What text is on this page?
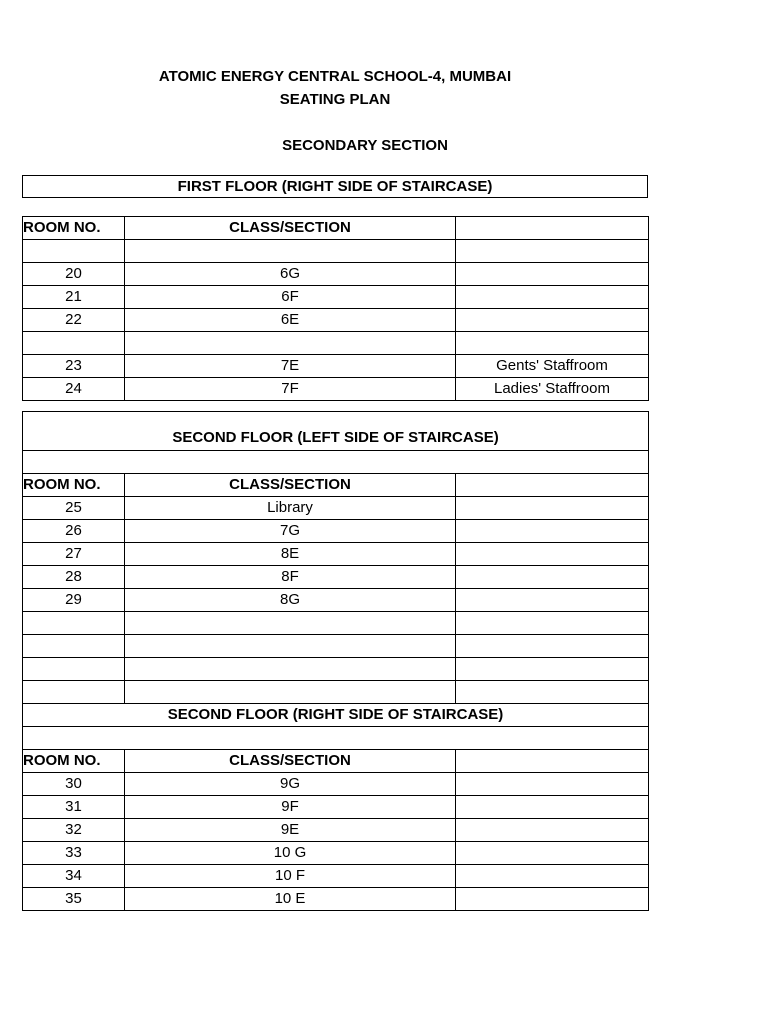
ATOMIC ENERGY CENTRAL SCHOOL-4, MUMBAI
SEATING PLAN
SECONDARY SECTION
FIRST FLOOR (RIGHT SIDE OF STAIRCASE)
ROOM NO.	CLASS/SECTION	

20	6G	
21	6F	
22	6E	

23	7E	Gents' Staffroom
24	7F	Ladies' Staffroom
SECOND FLOOR (LEFT SIDE OF STAIRCASE)		

ROOM NO.	CLASS/SECTION	
25	Library	
26	7G	
27	8E	
28	8F	
29	8G	

SECOND FLOOR (RIGHT SIDE OF STAIRCASE)		

ROOM NO.	CLASS/SECTION	
30	9G	
31	9F	
32	9E	
33	10 G	
34	10 F	
35	10 E	
